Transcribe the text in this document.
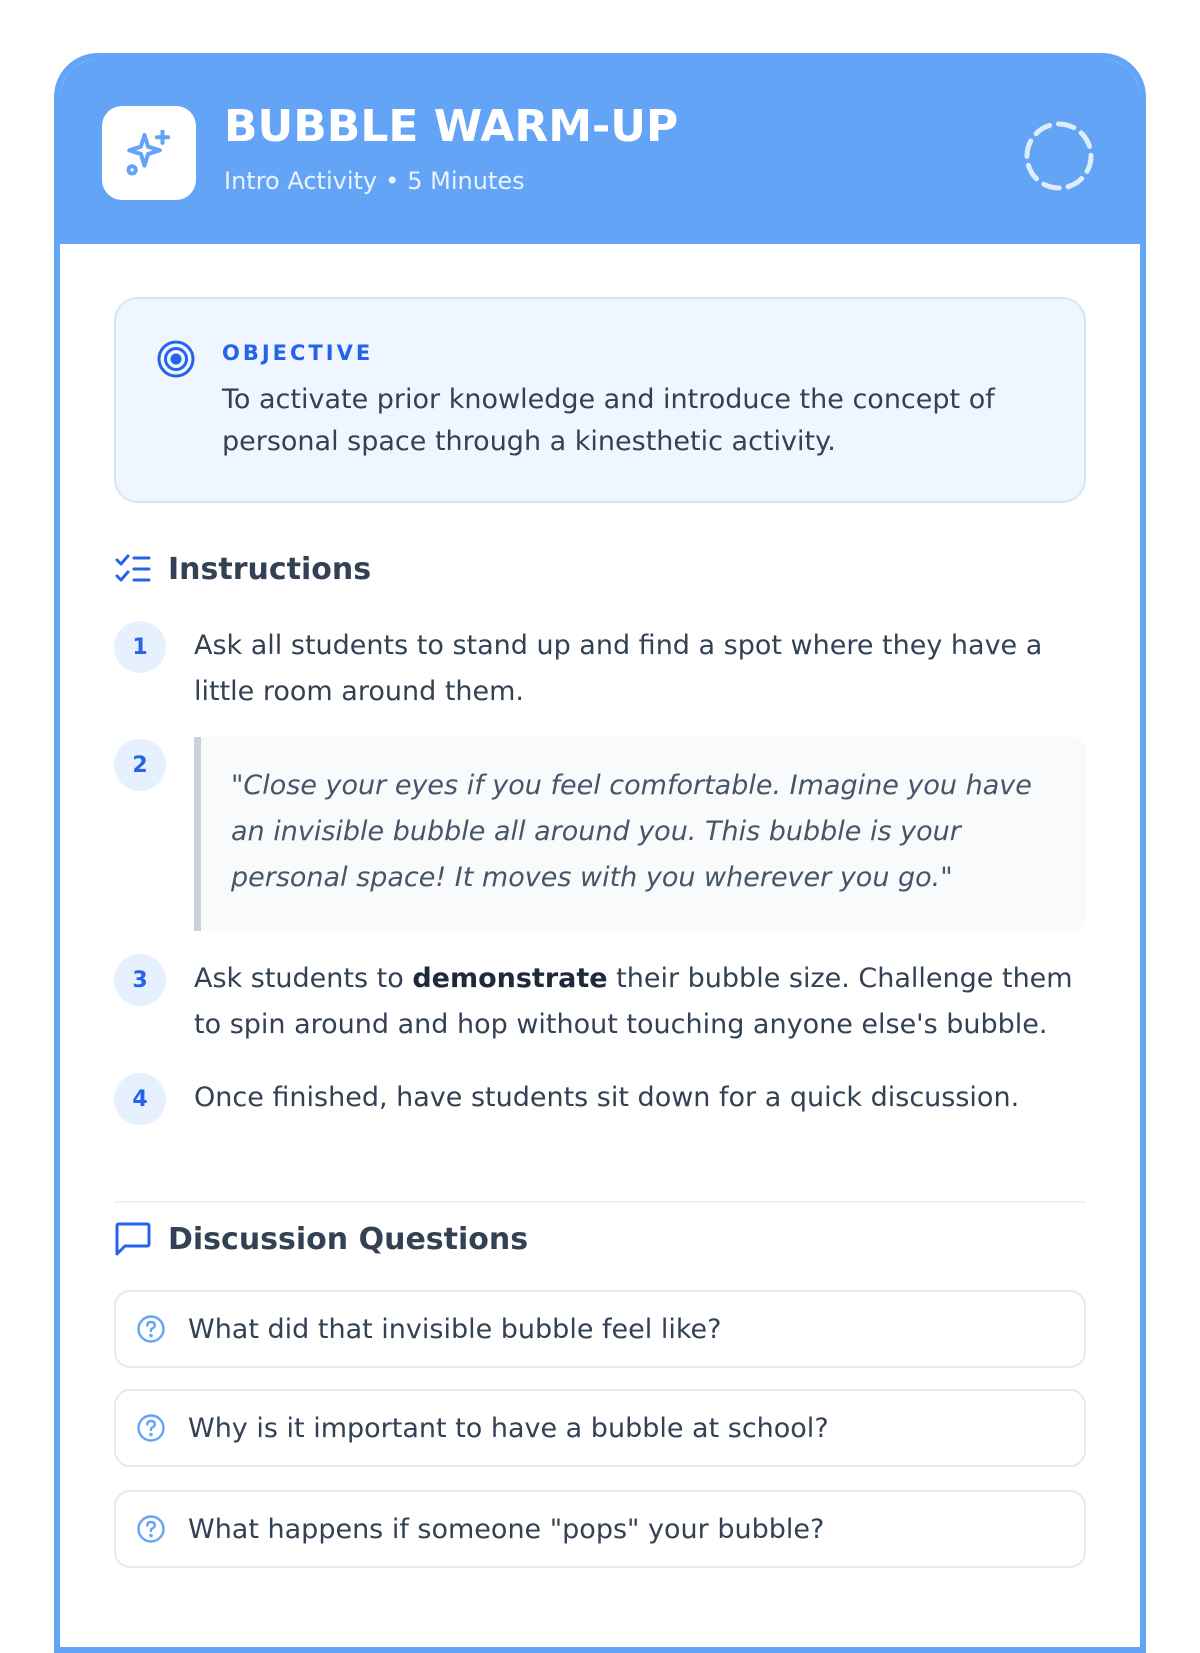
BUBBLE WARM-UP
Intro Activity • 5 Minutes
OBJECTIVE
To activate prior knowledge and introduce the concept of personal space through a kinesthetic activity.
Instructions
1	Ask all students to stand up and find a spot where they have a little room around them.
2
"Close your eyes if you feel comfortable. Imagine you have an invisible bubble all around you. This bubble is your personal space! It moves with you wherever you go."
3	Ask students to demonstrate their bubble size. Challenge them to spin around and hop without touching anyone else's bubble.
4	Once finished, have students sit down for a quick discussion.
Discussion Questions
What did that invisible bubble feel like?
Why is it important to have a bubble at school?
What happens if someone "pops" your bubble?
